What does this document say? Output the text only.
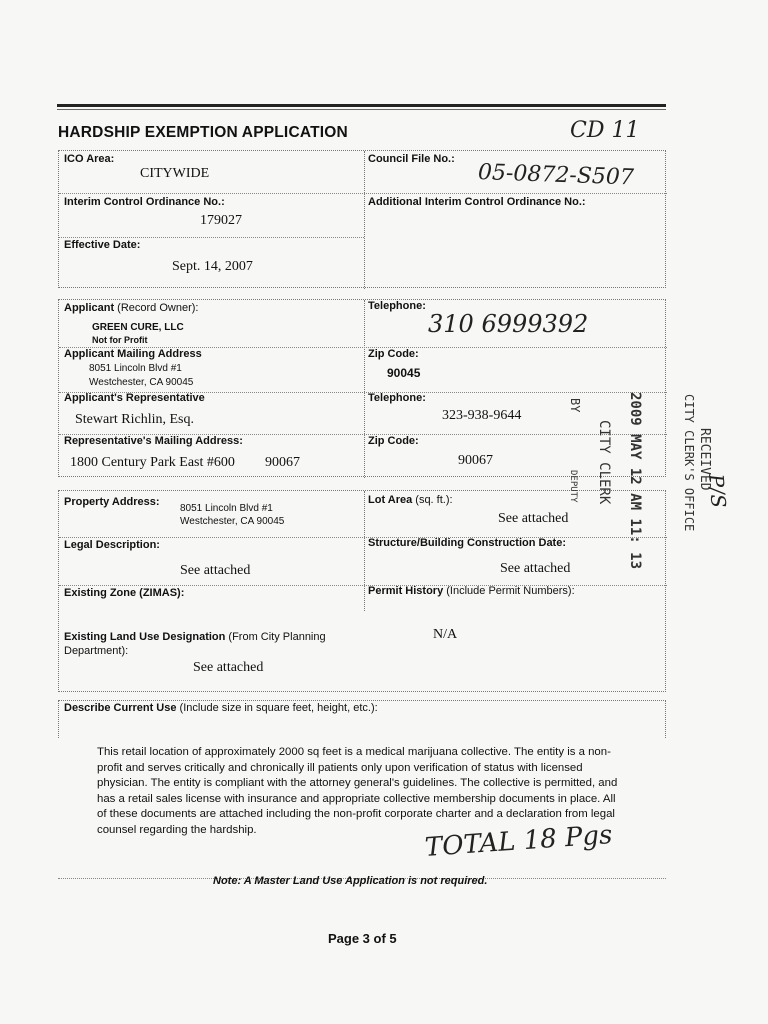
HARDSHIP EXEMPTION APPLICATION	CD 11
ICO Area:
CITYWIDE
Council File No.:
05-0872-S507
Interim Control Ordinance No.:
179027
Additional Interim Control Ordinance No.:
Effective Date:
Sept. 14, 2007
Applicant (Record Owner):
GREEN CURE, LLC
Not for Profit
Telephone:
310 6999392
Applicant Mailing Address
8051 Lincoln Blvd #1
Westchester, CA 90045
Zip Code:
90045
Applicant's Representative
Stewart Richlin, Esq.
Telephone:
323-938-9644
Representative's Mailing Address:
1800 Century Park East #600 90067
Zip Code:
90067
Property Address:
8051 Lincoln Blvd #1
Westchester, CA 90045
Lot Area (sq. ft.):
See attached
Legal Description:
See attached
Structure/Building Construction Date:
See attached
Existing Zone (ZIMAS):	Permit History (Include Permit Numbers):
N/A
Existing Land Use Designation (From City Planning
Department):
See attached
Describe Current Use (Include size in square feet, height, etc.):
This retail location of approximately 2000 sq feet is a medical marijuana collective. The entity is a non-profit and serves critically and chronically ill patients only upon verification of status with licensed physician. The entity is compliant with the attorney general's guidelines. The collective is permitted, and has a retail sales license with insurance and appropriate collective membership documents in place. All of these documents are attached including the non-profit corporate charter and a declaration from legal counsel regarding the hardship.	TOTAL 18 Pgs
Note: A Master Land Use Application is not required.
Page 3 of 5
RECEIVED
CITY CLERK'S OFFICE
2009 MAY 12 AM 11: 13
CITY CLERK
BY
DEPUTY	P/S
